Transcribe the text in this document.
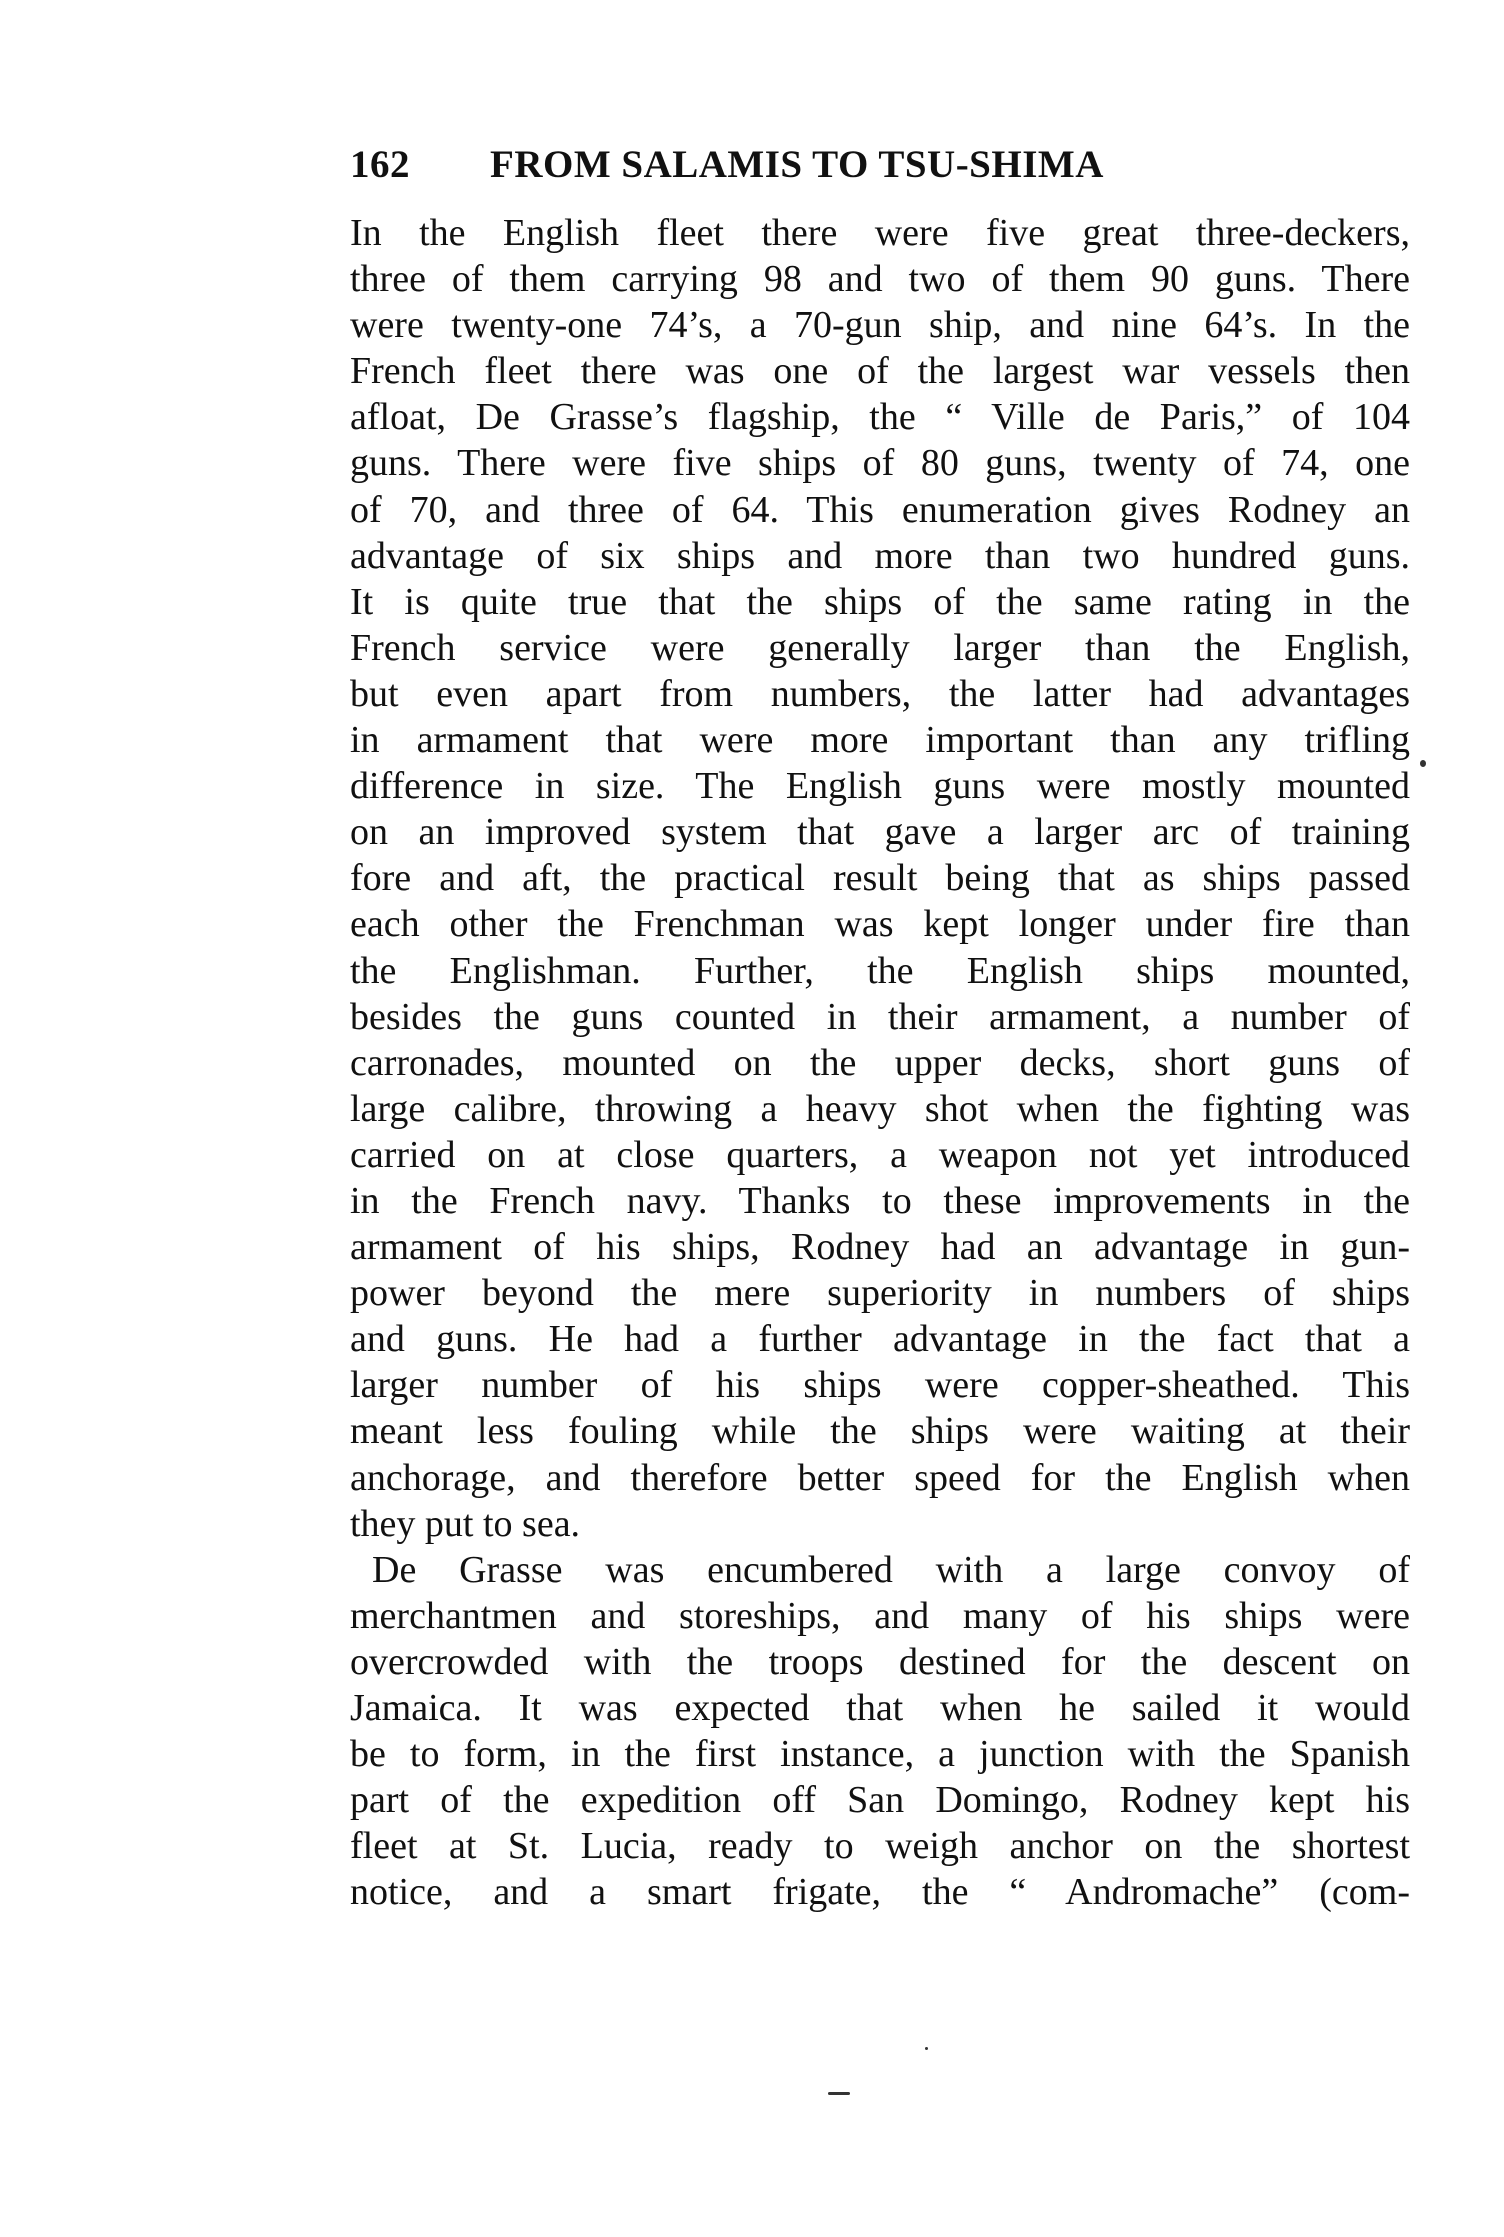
162 FROM SALAMIS TO TSU-SHIMA
In the English fleet there were five great three-deckers,
three of them carrying 98 and two of them 90 guns. There
were twenty-one 74’s, a 70-gun ship, and nine 64’s. In the
French fleet there was one of the largest war vessels then
afloat, De Grasse’s flagship, the “ Ville de Paris,” of 104
guns. There were five ships of 80 guns, twenty of 74, one
of 70, and three of 64. This enumeration gives Rodney an
advantage of six ships and more than two hundred guns.
It is quite true that the ships of the same rating in the
French service were generally larger than the English,
but even apart from numbers, the latter had advantages
in armament that were more important than any trifling
difference in size. The English guns were mostly mounted
on an improved system that gave a larger arc of training
fore and aft, the practical result being that as ships passed
each other the Frenchman was kept longer under fire than
the Englishman. Further, the English ships mounted,
besides the guns counted in their armament, a number of
carronades, mounted on the upper decks, short guns of
large calibre, throwing a heavy shot when the fighting was
carried on at close quarters, a weapon not yet introduced
in the French navy. Thanks to these improvements in the
armament of his ships, Rodney had an advantage in gun-
power beyond the mere superiority in numbers of ships
and guns. He had a further advantage in the fact that a
larger number of his ships were copper-sheathed. This
meant less fouling while the ships were waiting at their
anchorage, and therefore better speed for the English when
they put to sea.
De Grasse was encumbered with a large convoy of
merchantmen and storeships, and many of his ships were
overcrowded with the troops destined for the descent on
Jamaica. It was expected that when he sailed it would
be to form, in the first instance, a junction with the Spanish
part of the expedition off San Domingo, Rodney kept his
fleet at St. Lucia, ready to weigh anchor on the shortest
notice, and a smart frigate, the “ Andromache” (com-
